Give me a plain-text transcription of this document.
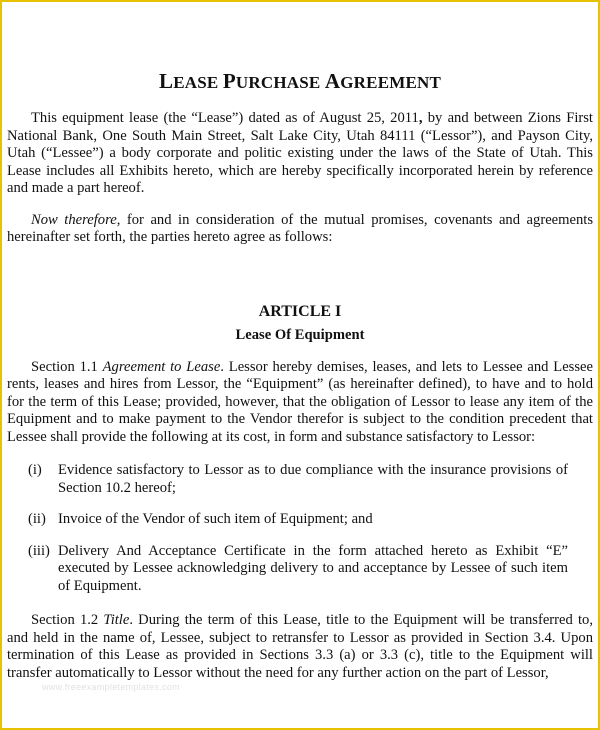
LEASE PURCHASE AGREEMENT

This equipment lease (the “Lease”) dated as of August 25, 2011, by and between Zions First National Bank, One South Main Street, Salt Lake City, Utah 84111 (“Lessor”), and Payson City, Utah (“Lessee”) a body corporate and politic existing under the laws of the State of Utah. This Lease includes all Exhibits hereto, which are hereby specifically incorporated herein by reference and made a part hereof.

Now therefore, for and in consideration of the mutual promises, covenants and agreements hereinafter set forth, the parties hereto agree as follows:

ARTICLE I
Lease Of Equipment

Section 1.1 Agreement to Lease. Lessor hereby demises, leases, and lets to Lessee and Lessee rents, leases and hires from Lessor, the “Equipment” (as hereinafter defined), to have and to hold for the term of this Lease; provided, however, that the obligation of Lessor to lease any item of the Equipment and to make payment to the Vendor therefor is subject to the condition precedent that Lessee shall provide the following at its cost, in form and substance satisfactory to Lessor:

(i)	Evidence satisfactory to Lessor as to due compliance with the insurance provisions of Section 10.2 hereof;
(ii) Invoice of the Vendor of such item of Equipment; and
(iii) Delivery And Acceptance Certificate in the form attached hereto as Exhibit “E” executed by Lessee acknowledging delivery to and acceptance by Lessee of such item of Equipment.

Section 1.2 Title. During the term of this Lease, title to the Equipment will be transferred to, and held in the name of, Lessee, subject to retransfer to Lessor as provided in Section 3.4. Upon termination of this Lease as provided in Sections 3.3 (a) or 3.3 (c), title to the Equipment will transfer automatically to Lessor without the need for any further action on the part of Lessor,

www.freeexampletemplates.com
